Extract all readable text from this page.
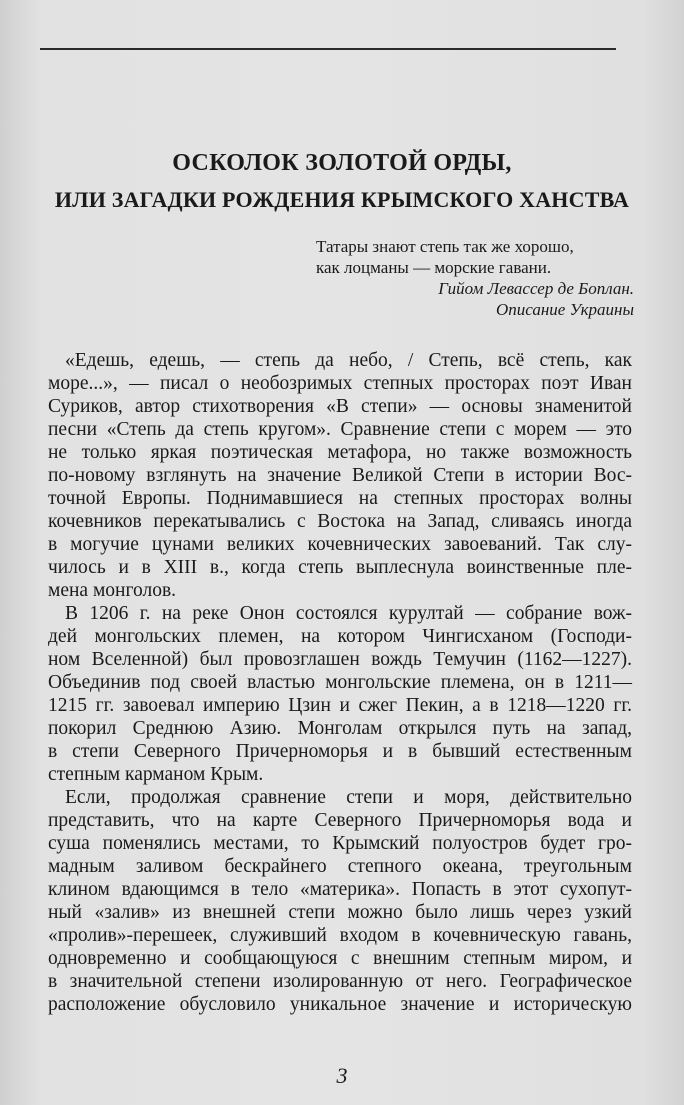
ОСКОЛОК ЗОЛОТОЙ ОРДЫ,
ИЛИ ЗАГАДКИ РОЖДЕНИЯ КРЫМСКОГО ХАНСТВА
Татары знают степь так же хорошо,
как лоцманы — морские гавани.
Гийом Левассер де Боплан.
Описание Украины
«Едешь, едешь, — степь да небо, / Степь, всё степь, как
море...», — писал о необозримых степных просторах поэт Иван
Суриков, автор стихотворения «В степи» — основы знаменитой
песни «Степь да степь кругом». Сравнение степи с морем — это
не только яркая поэтическая метафора, но также возможность
по-новому взглянуть на значение Великой Степи в истории Вос-
точной Европы. Поднимавшиеся на степных просторах волны
кочевников перекатывались с Востока на Запад, сливаясь иногда
в могучие цунами великих кочевнических завоеваний. Так слу-
чилось и в XIII в., когда степь выплеснула воинственные пле-
мена монголов.
В 1206 г. на реке Онон состоялся курултай — собрание вож-
дей монгольских племен, на котором Чингисханом (Господи-
ном Вселенной) был провозглашен вождь Темучин (1162—1227).
Объединив под своей властью монгольские племена, он в 1211—
1215 гг. завоевал империю Цзин и сжег Пекин, а в 1218—1220 гг.
покорил Среднюю Азию. Монголам открылся путь на запад,
в степи Северного Причерноморья и в бывший естественным
степным карманом Крым.
Если, продолжая сравнение степи и моря, действительно
представить, что на карте Северного Причерноморья вода и
суша поменялись местами, то Крымский полуостров будет гро-
мадным заливом бескрайнего степного океана, треугольным
клином вдающимся в тело «материка». Попасть в этот сухопут-
ный «залив» из внешней степи можно было лишь через узкий
«пролив»-перешеек, служивший входом в кочевническую гавань,
одновременно и сообщающуюся с внешним степным миром, и
в значительной степени изолированную от него. Географическое
расположение обусловило уникальное значение и историческую
3
